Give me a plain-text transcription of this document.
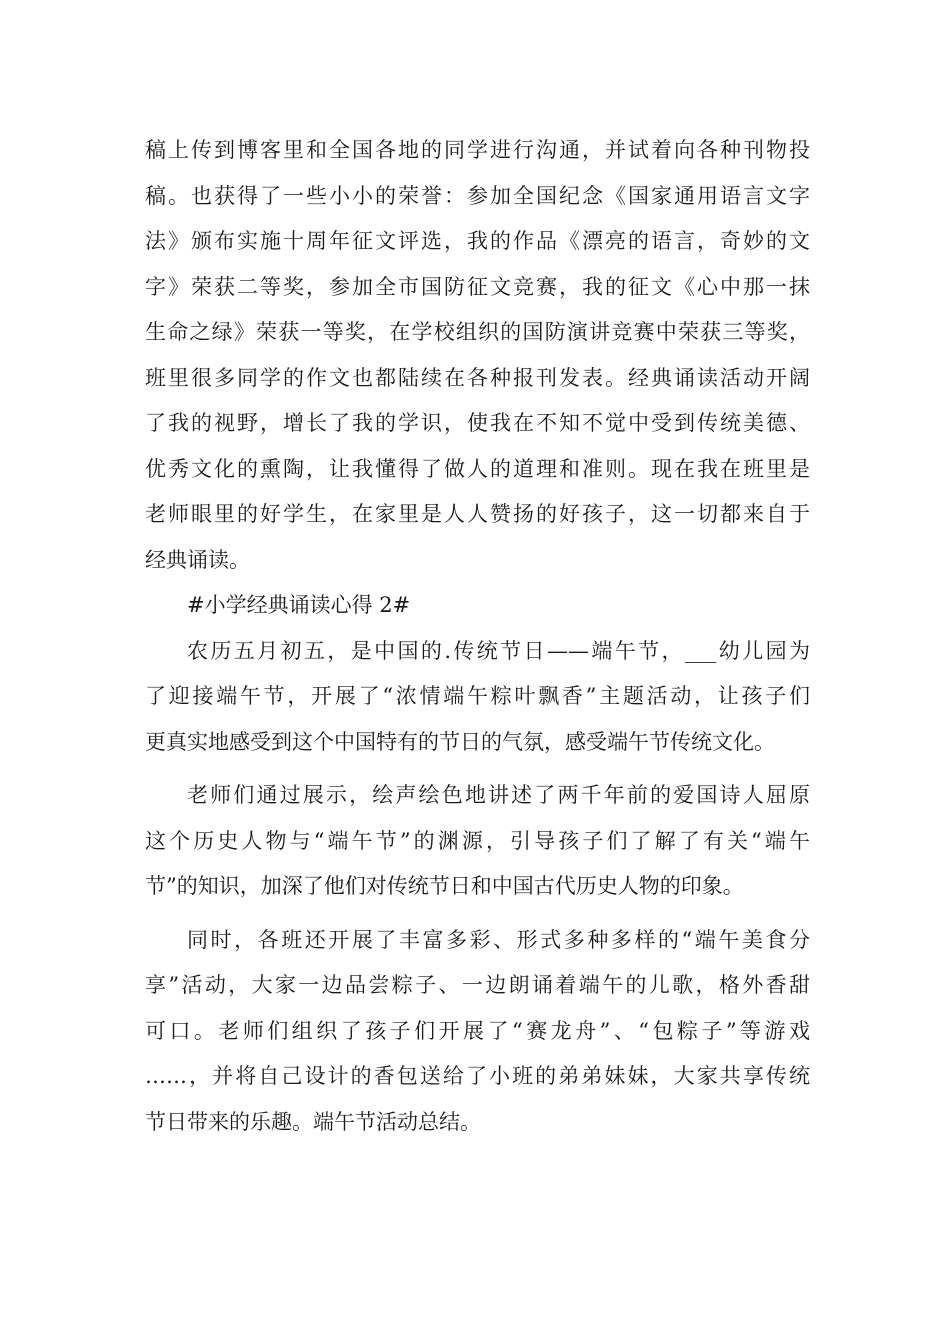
稿上传到博客里和全国各地的同学进行沟通，并试着向各种刊物投
稿。也获得了一些小小的荣誉：参加全国纪念《国家通用语言文字
法》颁布实施十周年征文评选，我的作品《漂亮的语言，奇妙的文
字》荣获二等奖，参加全市国防征文竞赛，我的征文《心中那一抹
生命之绿》荣获一等奖，在学校组织的国防演讲竞赛中荣获三等奖，
班里很多同学的作文也都陆续在各种报刊发表。经典诵读活动开阔
了我的视野，增长了我的学识，使我在不知不觉中受到传统美德、
优秀文化的熏陶，让我懂得了做人的道理和准则。现在我在班里是
老师眼里的好学生，在家里是人人赞扬的好孩子，这一切都来自于
经典诵读。
#小学经典诵读心得 2#
农历五月初五，是中国的.传统节日——端午节，___幼儿园为
了迎接端午节，开展了“浓情端午粽叶飘香”主题活动，让孩子们
更真实地感受到这个中国特有的节日的气氛，感受端午节传统文化。
老师们通过展示，绘声绘色地讲述了两千年前的爱国诗人屈原
这个历史人物与“端午节”的渊源，引导孩子们了解了有关“端午
节”的知识，加深了他们对传统节日和中国古代历史人物的印象。
同时，各班还开展了丰富多彩、形式多种多样的“端午美食分
享”活动，大家一边品尝粽子、一边朗诵着端午的儿歌，格外香甜
可口。老师们组织了孩子们开展了“赛龙舟”、“包粽子”等游戏
……，并将自己设计的香包送给了小班的弟弟妹妹，大家共享传统
节日带来的乐趣。端午节活动总结。
